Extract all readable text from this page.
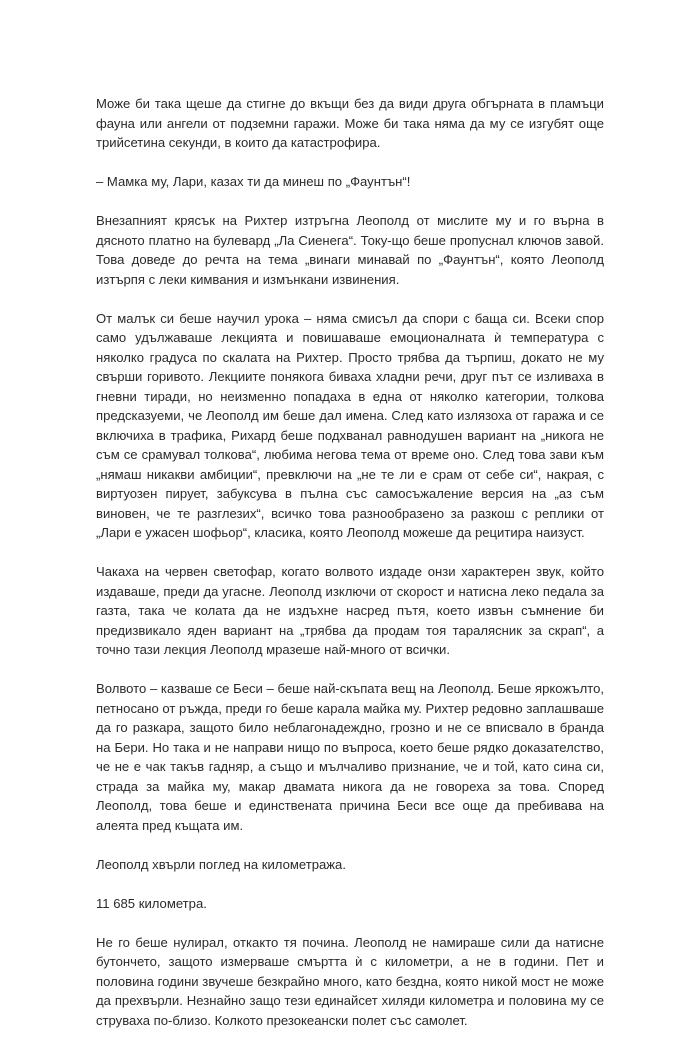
Може би така щеше да стигне до вкъщи без да види друга обгърната в пламъци фауна или ангели от подземни гаражи. Може би така няма да му се изгубят още трийсетина секунди, в които да катастрофира.

– Мамка му, Лари, казах ти да минеш по „Фаунтън“!

Внезапният крясък на Рихтер изтръгна Леополд от мислите му и го върна в дясното платно на булевард „Ла Сиенега“. Току-що беше пропуснал ключов завой. Това доведе до речта на тема „винаги минавай по „Фаунтън“, която Леополд изтърпя с леки кимвания и измънкани извинения.

От малък си беше научил урока – няма смисъл да спори с баща си. Всеки спор само удължаваше лекцията и повишаваше емоционалната ѝ температура с няколко градуса по скалата на Рихтер. Просто трябва да търпиш, докато не му свърши горивото. Лекциите понякога биваха хладни речи, друг път се изливаха в гневни тиради, но неизменно попадаха в една от няколко категории, толкова предсказуеми, че Леополд им беше дал имена. След като излязоха от гаража и се включиха в трафика, Рихард беше подхванал равнодушен вариант на „никога не съм се срамувал толкова“, любима негова тема от време оно. След това зави към „нямаш никакви амбиции“, превключи на „не те ли е срам от себе си“, накрая, с виртуозен пирует, забуксува в пълна със самосъжаление версия на „аз съм виновен, че те разглезих“, всичко това разнообразено за разкош с реплики от „Лари е ужасен шофьор“, класика, която Леополд можеше да рецитира наизуст.

Чакаха на червен светофар, когато волвото издаде онзи характерен звук, който издаваше, преди да угасне. Леополд изключи от скорост и натисна леко педала за газта, така че колата да не издъхне насред пътя, което извън съмнение би предизвикало яден вариант на „трябва да продам тоя таралясник за скрап“, а точно тази лекция Леополд мразеше най-много от всички.

Волвото – казваше се Беси – беше най-скъпата вещ на Леополд. Беше яркожълто, петносано от ръжда, преди го беше карала майка му. Рихтер редовно заплашваше да го разкара, защото било неблагонадеждно, грозно и не се вписвало в бранда на Бери. Но така и не направи нищо по въпроса, което беше рядко доказателство, че не е чак такъв гадняр, а също и мълчаливо признание, че и той, като сина си, страда за майка му, макар двамата никога да не говореха за това. Според Леополд, това беше и единствената причина Беси все още да пребивава на алеята пред къщата им.

Леополд хвърли поглед на километража.

11 685 километра.

Не го беше нулирал, откакто тя почина. Леополд не намираше сили да натисне бутончето, защото измерваше смъртта ѝ с километри, а не в години. Пет и половина години звучеше безкрайно много, като бездна, която никой мост не може да прехвърли. Незнайно защо тези единайсет хиляди километра и половина му се струваха по-близо. Колкото презокеански полет със самолет.
